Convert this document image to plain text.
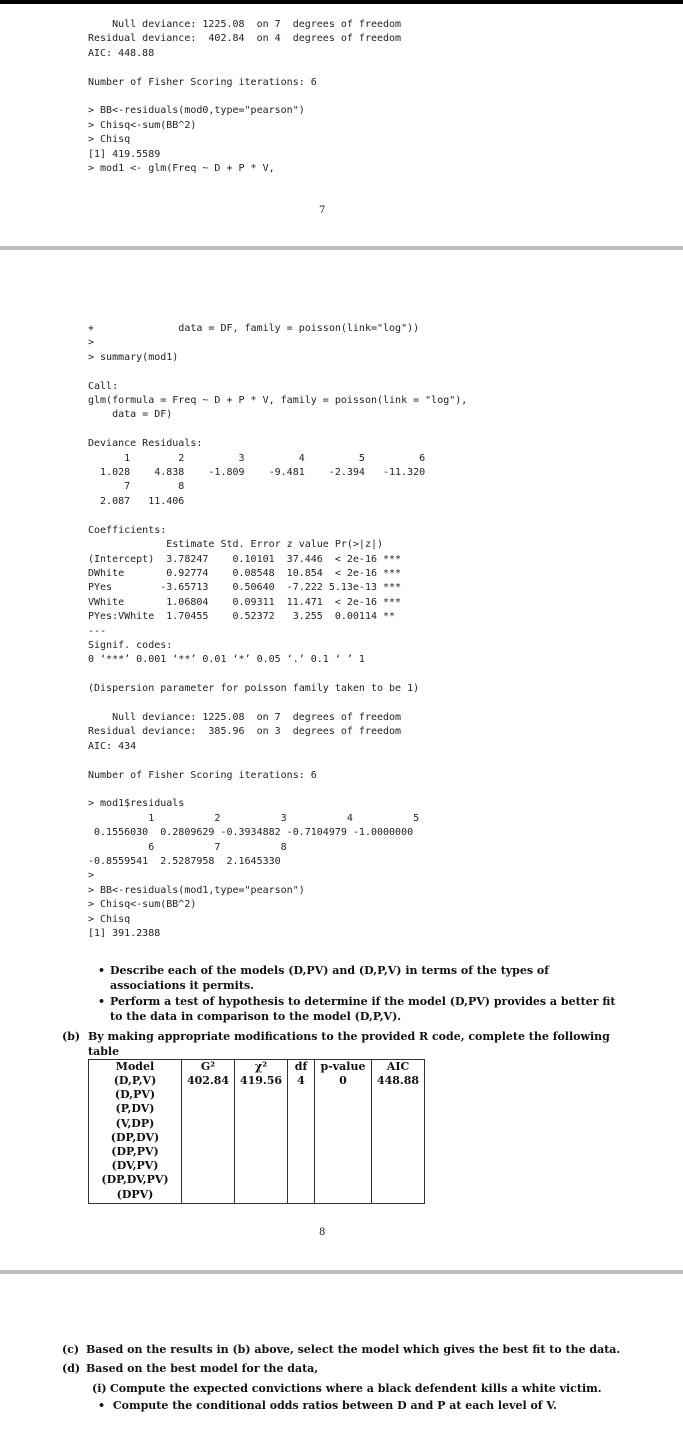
Null deviance: 1225.08  on 7  degrees of freedom
Residual deviance:  402.84  on 4  degrees of freedom
AIC: 448.88

Number of Fisher Scoring iterations: 6

> BB<-residuals(mod0,type="pearson")
> Chisq<-sum(BB^2)
> Chisq
[1] 419.5589
> mod1 <- glm(Freq ~ D + P * V,

7
+              data = DF, family = poisson(link="log"))
>
> summary(mod1)

Call:
glm(formula = Freq ~ D + P * V, family = poisson(link = "log"),
data = DF)

Deviance Residuals:
1        2         3         4         5         6
1.028    4.838    -1.809    -9.481    -2.394   -11.320
7        8
2.087   11.406

Coefficients:
Estimate Std. Error z value Pr(>|z|)
(Intercept)  3.78247    0.10101  37.446  < 2e-16 ***
DWhite       0.92774    0.08548  10.854  < 2e-16 ***
PYes        -3.65713    0.50640  -7.222 5.13e-13 ***
VWhite       1.06804    0.09311  11.471  < 2e-16 ***
PYes:VWhite  1.70455    0.52372   3.255  0.00114 **
---
Signif. codes:
0 ‘***’ 0.001 ‘**’ 0.01 ‘*’ 0.05 ‘.’ 0.1 ‘ ’ 1

(Dispersion parameter for poisson family taken to be 1)

Null deviance: 1225.08  on 7  degrees of freedom
Residual deviance:  385.96  on 3  degrees of freedom
AIC: 434

Number of Fisher Scoring iterations: 6

> mod1$residuals
1          2          3          4          5
0.1556030  0.2809629 -0.3934882 -0.7104979 -1.0000000
6          7          8
-0.8559541  2.5287958  2.1645330
>
> BB<-residuals(mod1,type="pearson")
> Chisq<-sum(BB^2)
> Chisq
[1] 391.2388

• Describe each of the models (D,PV) and (D,P,V) in terms of the types of associations it permits.
• Perform a test of hypothesis to determine if the model (D,PV) provides a better fit to the data in comparison to the model (D,P,V).
(b) By making appropriate modifications to the provided R code, complete the following table
Model	G²	χ²	df	p-value	AIC
(D,P,V)	402.84	419.56	4	0	448.88
(D,PV)					
(P,DV)					
(V,DP)					
(DP,DV)					
(DP,PV)					
(DV,PV)					
(DP,DV,PV)					
(DPV)					
8
(c) Based on the results in (b) above, select the model which gives the best fit to the data.
(d) Based on the best model for the data,
(i) Compute the expected convictions where a black defendent kills a white victim.
• Compute the conditional odds ratios between D and P at each level of V.
